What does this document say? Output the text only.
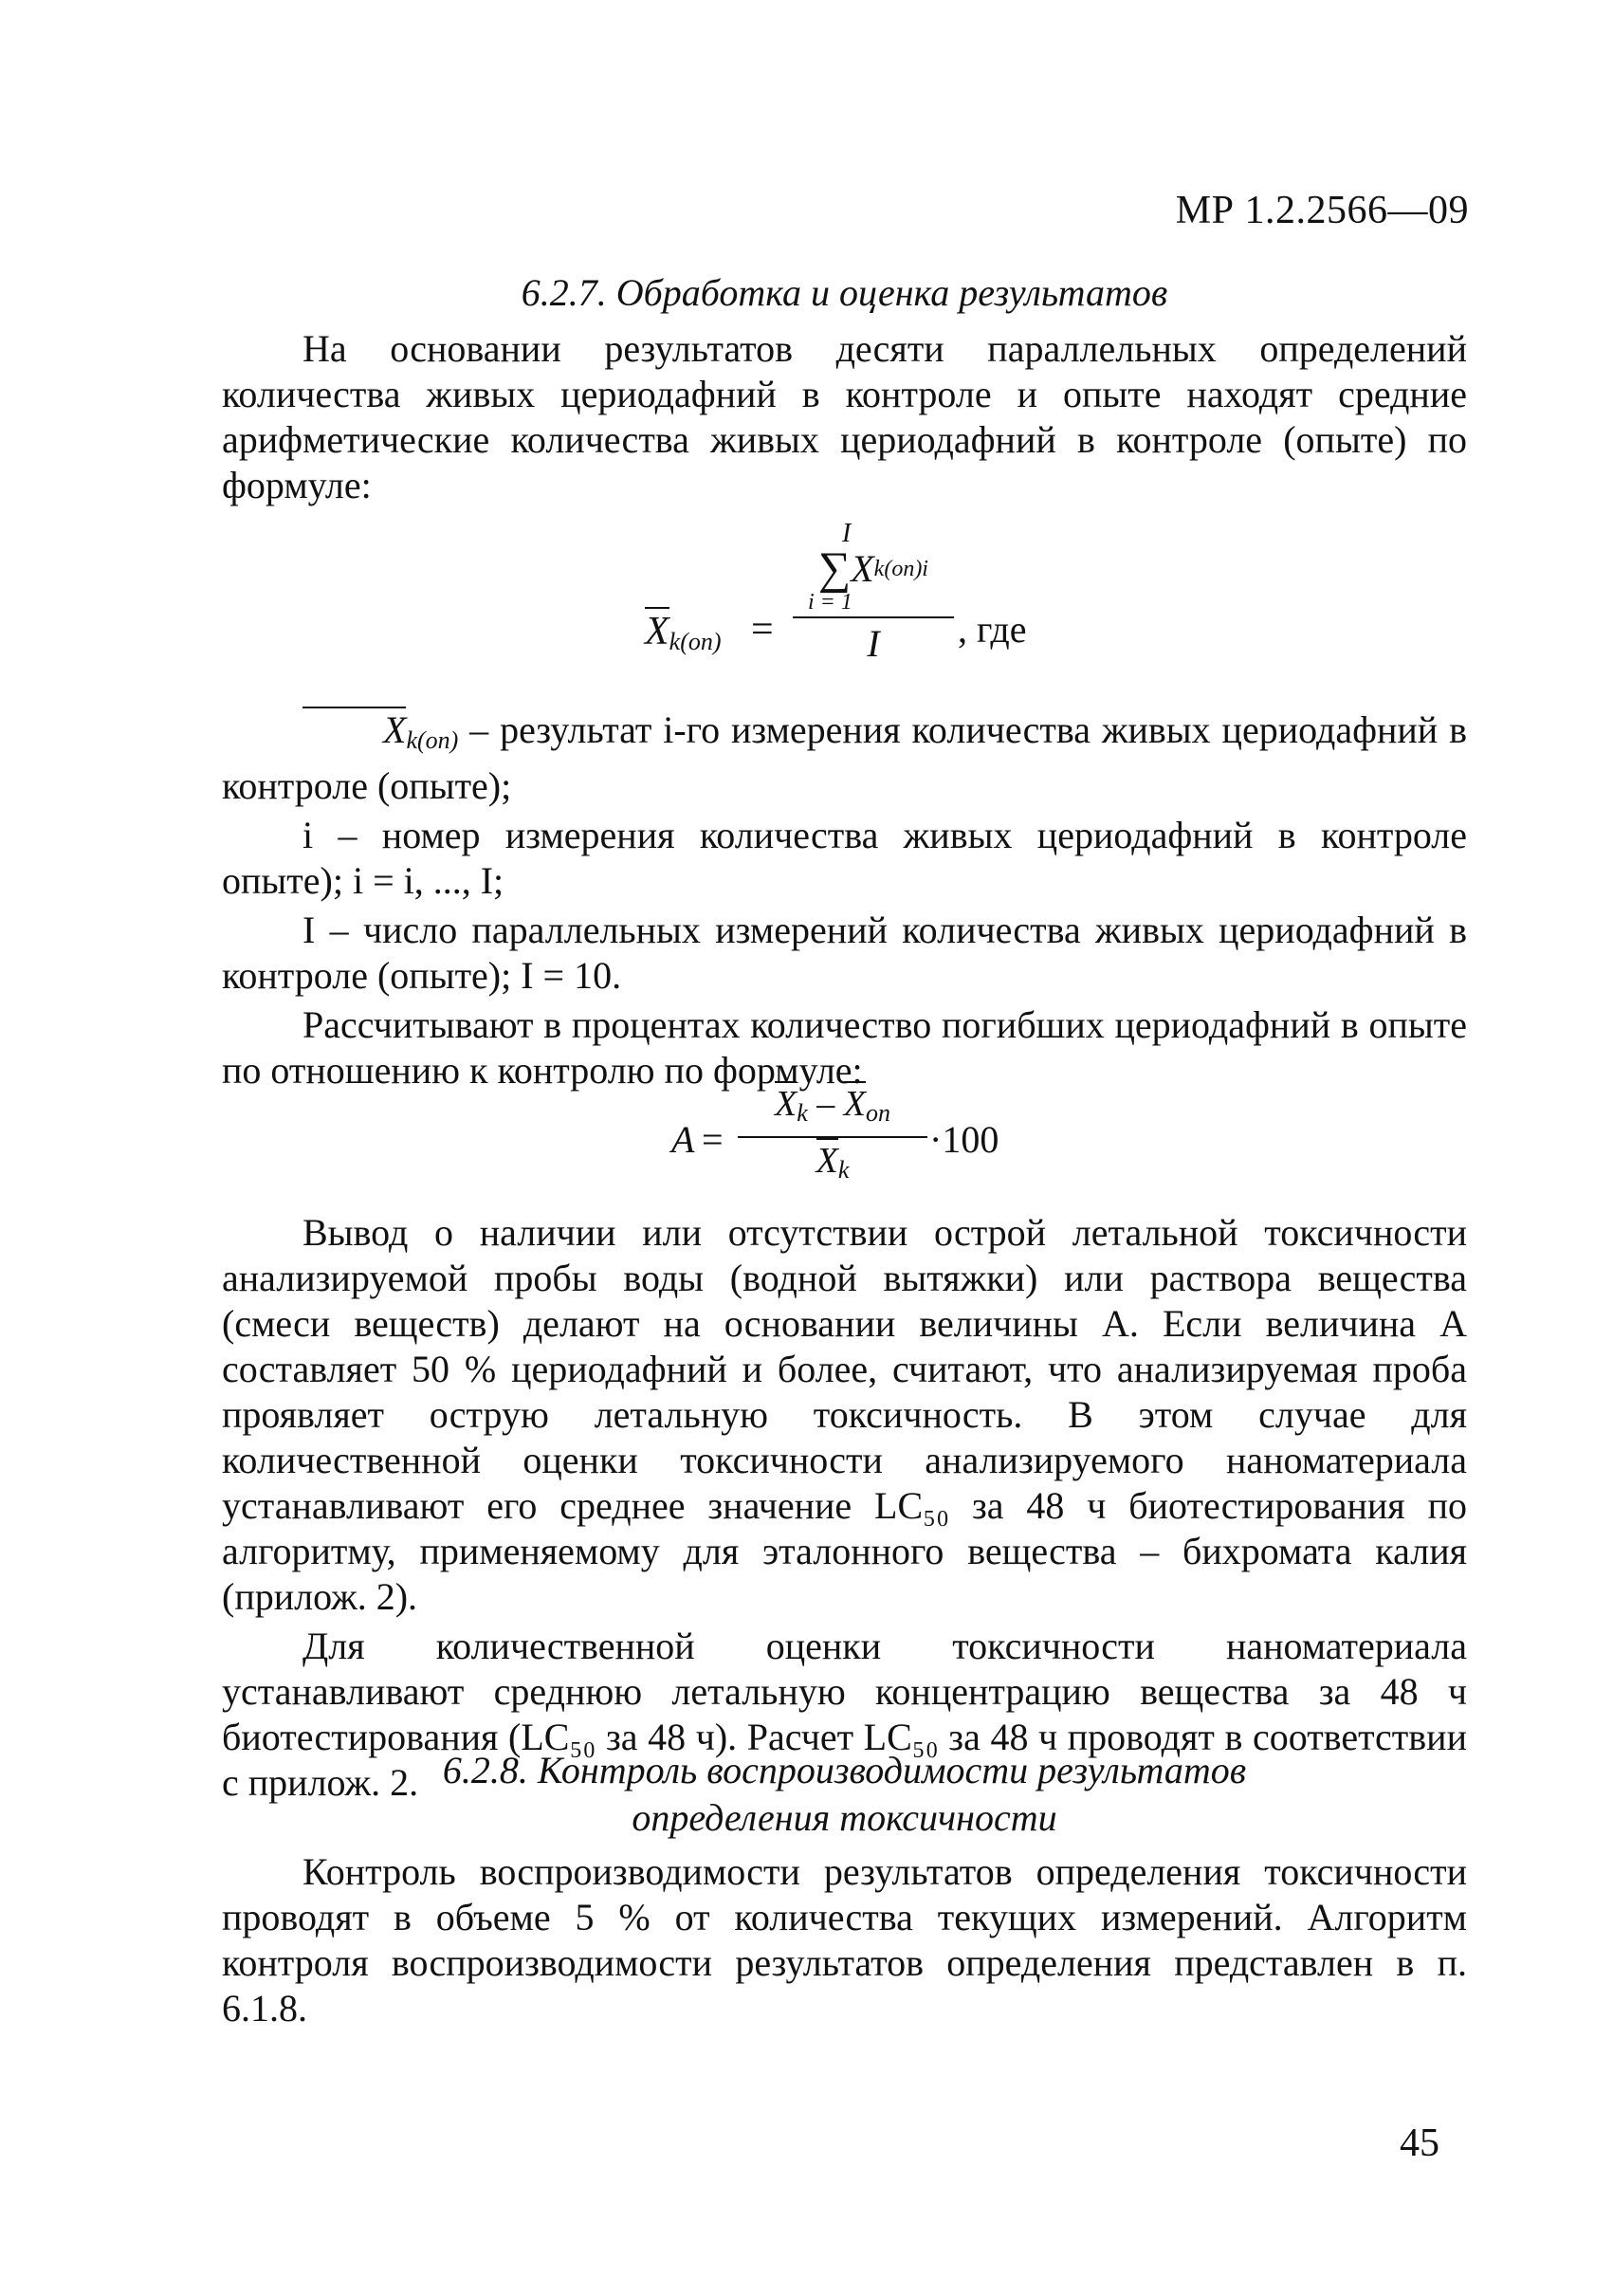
МР 1.2.2566—09
6.2.7. Обработка и оценка результатов

На основании результатов десяти параллельных определений количества живых цериодафний в контроле и опыте находят средние арифметические количества живых цериодафний в контроле (опыте) по формуле:

$X_{k(on)}$ =
I
∑ X k(on)i
i = 1
I	, где

$X_{k(on)}$ – результат i-го измерения количества живых цериодафний в контроле (опыте);

i – номер измерения количества живых цериодафний в контроле опыте); i = i, ..., I;

I – число параллельных измерений количества живых цериодафний в контроле (опыте); I = 10.

Рассчитывают в процентах количество погибших цериодафний в опыте по отношению к контролю по формуле:

A =
$X_k - X_{on}$
$X_k$
·100

Вывод о наличии или отсутствии острой летальной токсичности анализируемой пробы воды (водной вытяжки) или раствора вещества (смеси веществ) делают на основании величины A. Если величина A составляет 50 % цериодафний и более, считают, что анализируемая проба проявляет острую летальную токсичность. В этом случае для количественной оценки токсичности анализируемого наноматериала устанавливают его среднее значение LC₅₀ за 48 ч биотестирования по алгоритму, применяемому для эталонного вещества – бихромата калия (прилож. 2).

Для количественной оценки токсичности наноматериала устанавливают среднюю летальную концентрацию вещества за 48 ч биотестирования (LC₅₀ за 48 ч). Расчет LC₅₀ за 48 ч проводят в соответствии с прилож. 2. 6.2.8. Контроль воспроизводимости результатов
определения токсичности

Контроль воспроизводимости результатов определения токсичности проводят в объеме 5 % от количества текущих измерений. Алгоритм контроля воспроизводимости результатов определения представлен в п. 6.1.8.

45
